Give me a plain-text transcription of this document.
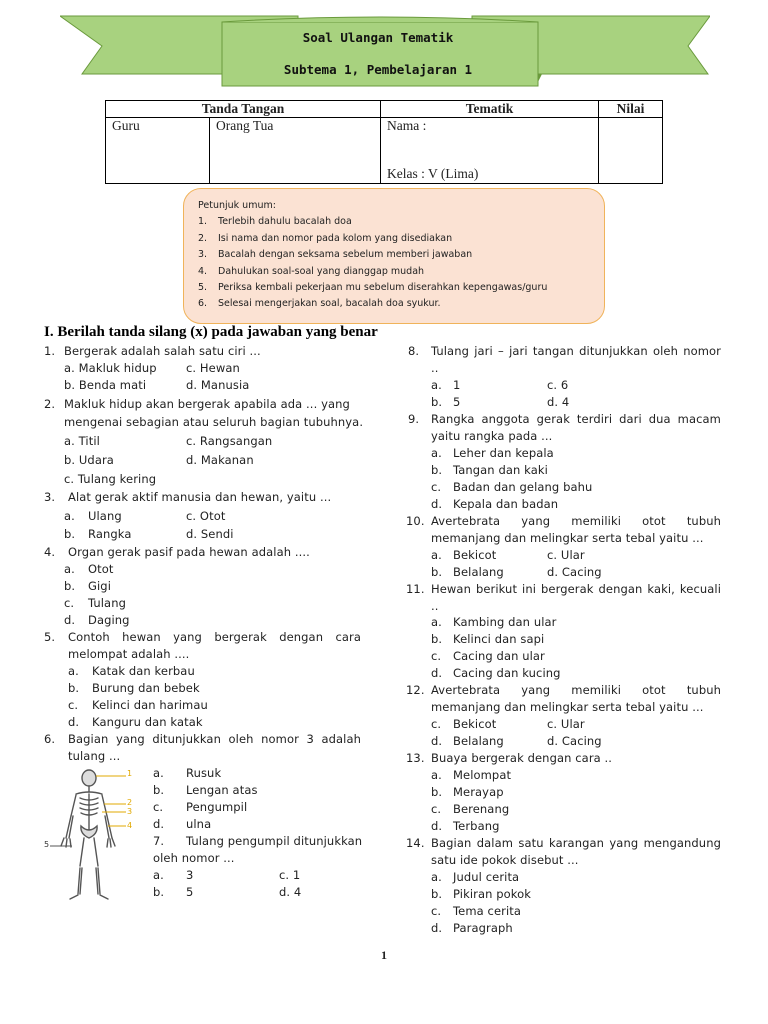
Soal Ulangan Tematik
Subtema 1, Pembelajaran 1
Tanda Tangan		Tematik	Nilai
Guru	Orang Tua	Nama :
Kelas : V (Lima)	

Petunjuk umum:
1.	Terlebih dahulu bacalah doa
2.	Isi nama dan nomor pada kolom yang disediakan
3.	Bacalah dengan seksama sebelum memberi jawaban
4.	Dahulukan soal-soal yang dianggap mudah
5.	Periksa kembali pekerjaan mu sebelum diserahkan kepengawas/guru
6.	Selesai mengerjakan soal, bacalah doa syukur.
I. Berilah tanda silang (x) pada jawaban yang benar
1. Bergerak adalah salah satu ciri ...
a. Makluk hidup	c. Hewan
b. Benda mati	d. Manusia
2. Makluk hidup akan bergerak apabila ada ... yang
mengenai sebagian atau seluruh bagian tubuhnya.
a. Titil	c. Rangsangan
b. Udara	d. Makanan
c. Tulang kering
3. Alat gerak aktif manusia dan hewan, yaitu ...
a. Ulang	c. Otot
b. Rangka	d. Sendi
4. Organ gerak pasif pada hewan adalah ....
a. Otot
b. Gigi
c. Tulang
d. Daging
5. Contoh hewan yang bergerak dengan cara
melompat adalah ....
a. Katak dan kerbau
b. Burung dan bebek
c. Kelinci dan harimau
d. Kanguru dan katak
6. Bagian yang ditunjukkan oleh nomor 3 adalah
tulang ...
1
2
3
4
5
a. Rusuk
b. Lengan atas
c. Pengumpil
d. ulna
7. Tulang pengumpil ditunjukkan
oleh nomor ...
a. 3	c. 1
b. 5	d. 4
8. Tulang jari – jari tangan ditunjukkan oleh nomor
..
a. 1	c. 6
b. 5	d. 4
9. Rangka anggota gerak terdiri dari dua macam
yaitu rangka pada ...
a. Leher dan kepala
b. Tangan dan kaki
c. Badan dan gelang bahu
d. Kepala dan badan
10. Avertebrata yang memiliki otot tubuh
memanjang dan melingkar serta tebal yaitu ...
a. Bekicot	c. Ular
b. Belalang	d. Cacing
11. Hewan berikut ini bergerak dengan kaki, kecuali
..
a. Kambing dan ular
b. Kelinci dan sapi
c. Cacing dan ular
d. Cacing dan kucing
12. Avertebrata yang memiliki otot tubuh
memanjang dan melingkar serta tebal yaitu ...
c. Bekicot	c. Ular
d. Belalang	d. Cacing
13. Buaya bergerak dengan cara ..
a. Melompat
b. Merayap
c. Berenang
d. Terbang
14. Bagian dalam satu karangan yang mengandung
satu ide pokok disebut ...
a. Judul cerita
b. Pikiran pokok
c. Tema cerita
d. Paragraph
1
